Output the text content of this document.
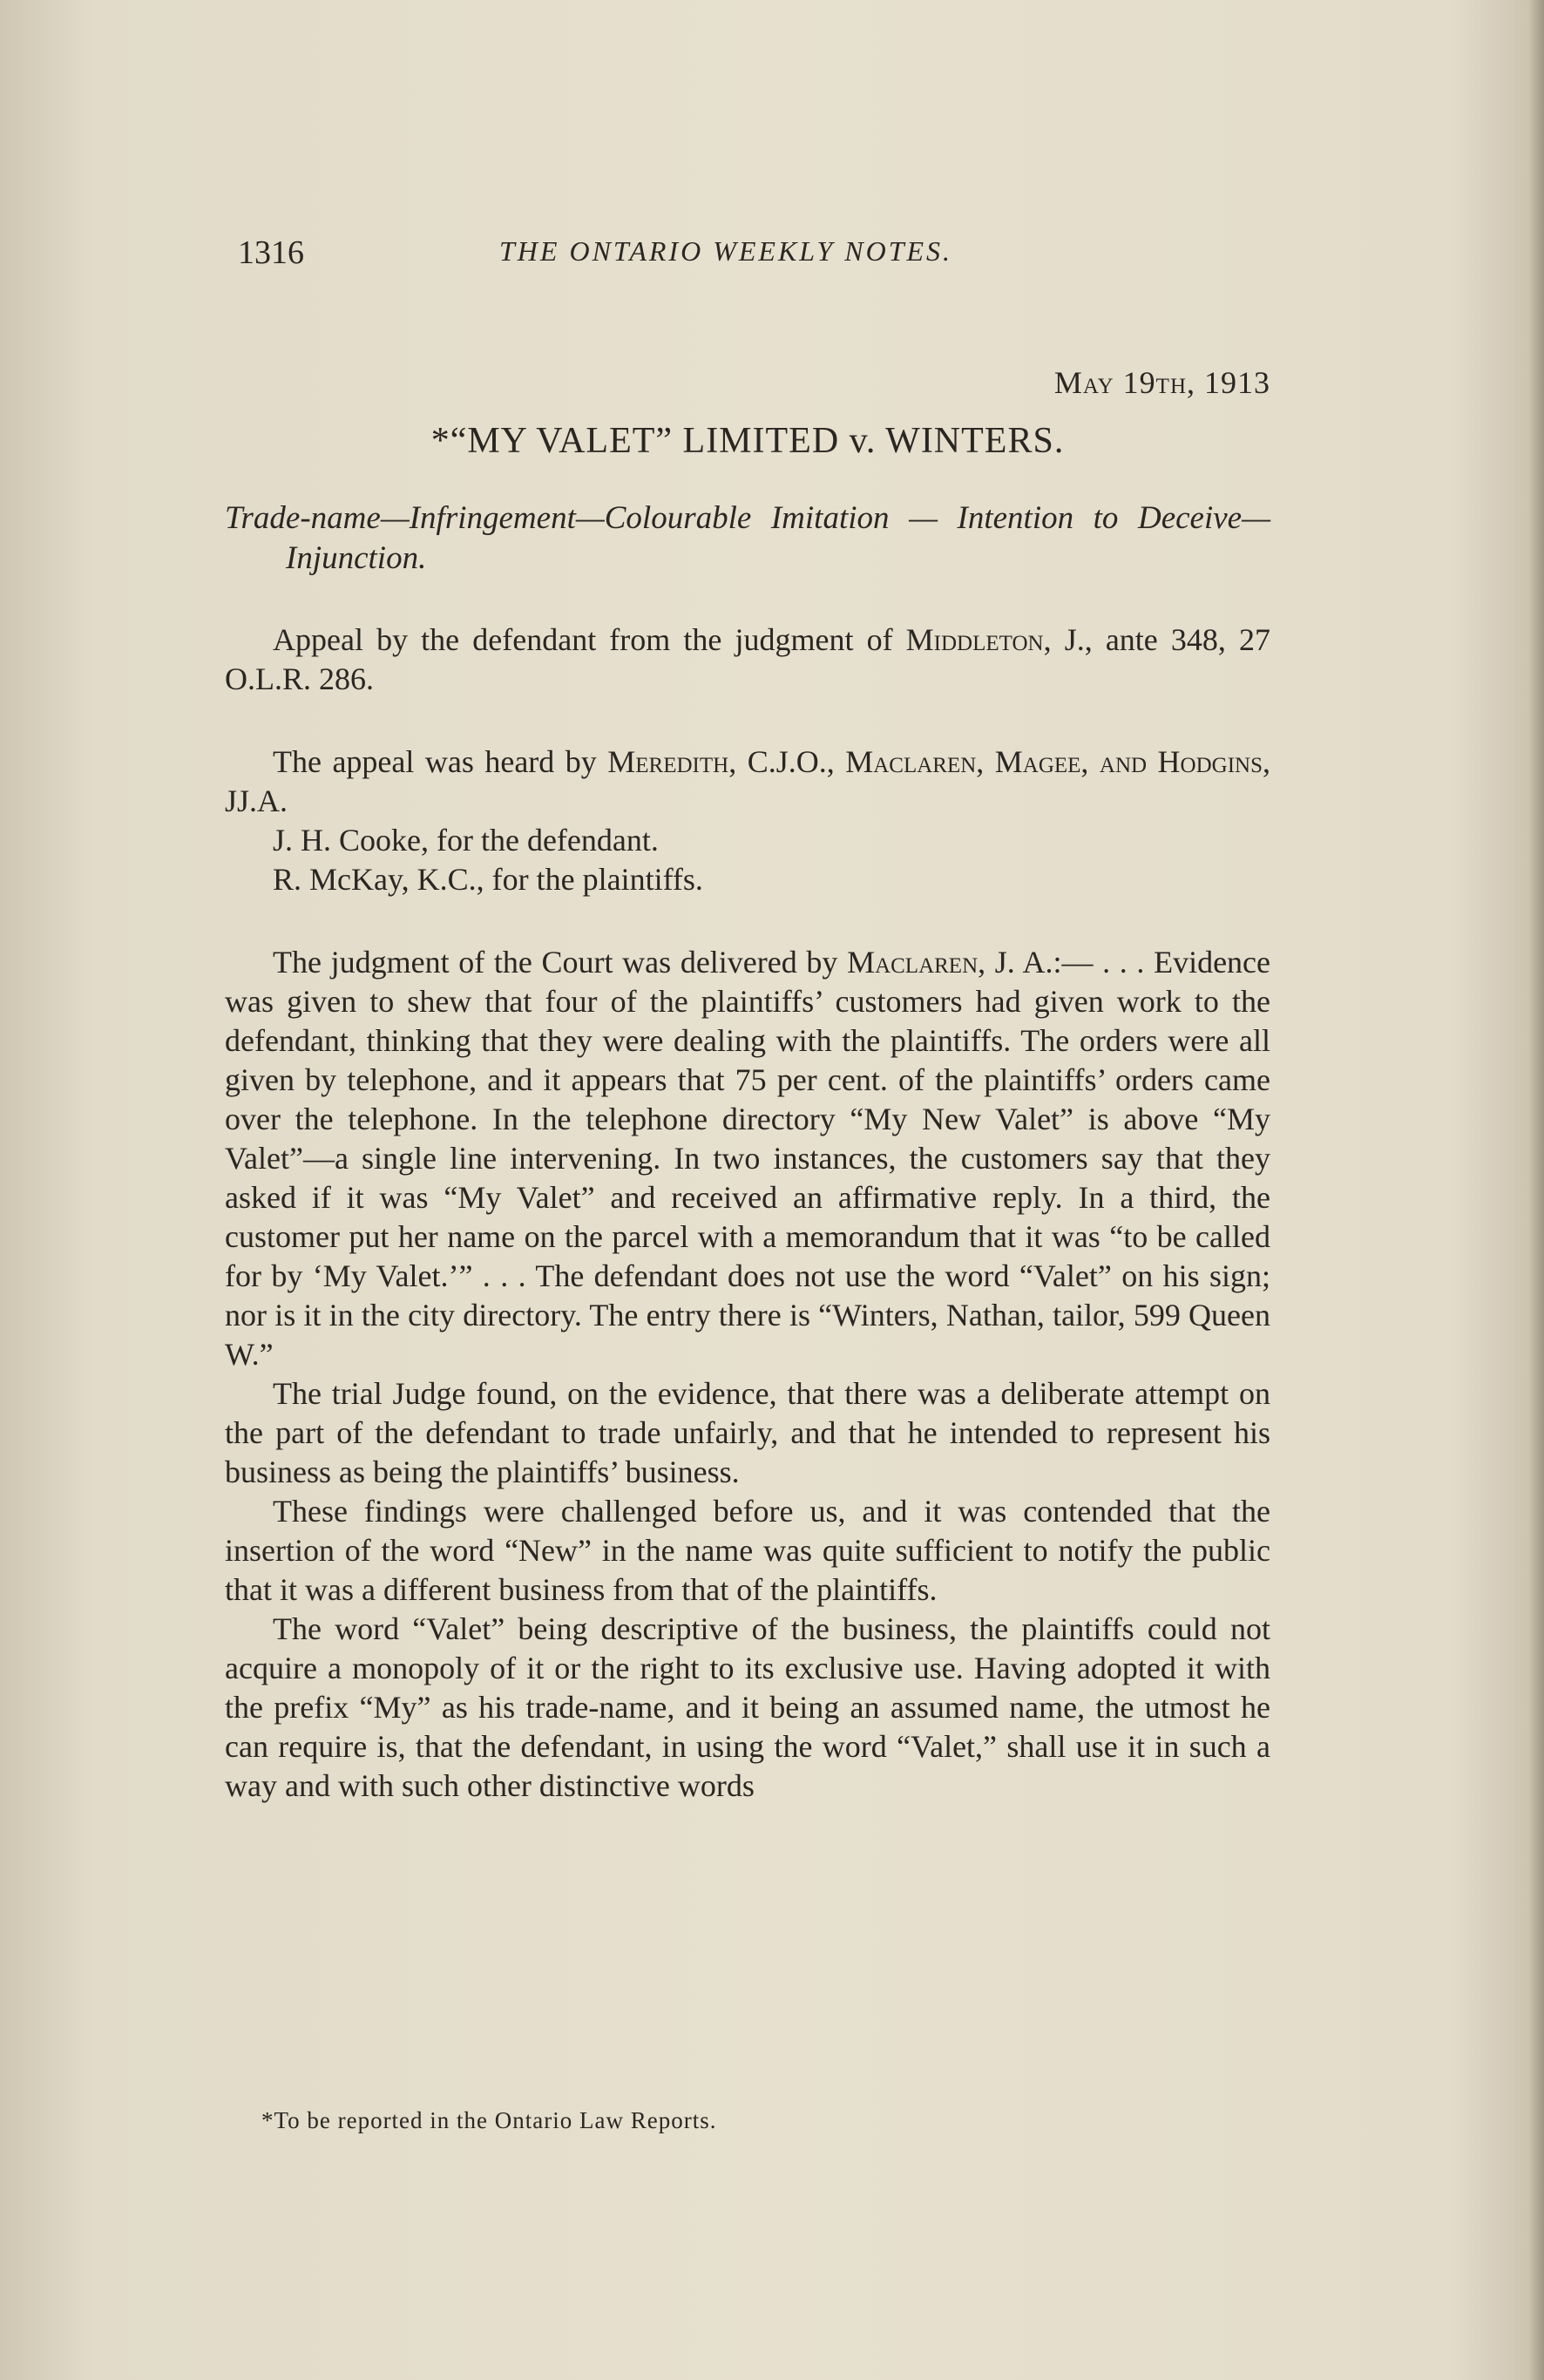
1316	THE ONTARIO WEEKLY NOTES.
May 19th, 1913
*“MY VALET” LIMITED v. WINTERS.
Trade-name—Infringement—Colourable Imitation — Intention to Deceive—Injunction.

Appeal by the defendant from the judgment of Middleton, J., ante 348, 27 O.L.R. 286.

The appeal was heard by Meredith, C.J.O., Maclaren, Magee, and Hodgins, JJ.A.

J. H. Cooke, for the defendant.

R. McKay, K.C., for the plaintiffs.

The judgment of the Court was delivered by Maclaren, J. A.:— . . . Evidence was given to shew that four of the plaintiffs’ customers had given work to the defendant, thinking that they were dealing with the plaintiffs. The orders were all given by telephone, and it appears that 75 per cent. of the plaintiffs’ orders came over the telephone. In the telephone directory “My New Valet” is above “My Valet”—a single line intervening. In two instances, the customers say that they asked if it was “My Valet” and received an affirmative reply. In a third, the customer put her name on the parcel with a memorandum that it was “to be called for by ‘My Valet.’” . . . The defendant does not use the word “Valet” on his sign; nor is it in the city directory. The entry there is “Winters, Nathan, tailor, 599 Queen W.”

The trial Judge found, on the evidence, that there was a deliberate attempt on the part of the defendant to trade unfairly, and that he intended to represent his business as being the plaintiffs’ business.

These findings were challenged before us, and it was contended that the insertion of the word “New” in the name was quite sufficient to notify the public that it was a different business from that of the plaintiffs.

The word “Valet” being descriptive of the business, the plaintiffs could not acquire a monopoly of it or the right to its exclusive use. Having adopted it with the prefix “My” as his trade-name, and it being an assumed name, the utmost he can require is, that the defendant, in using the word “Valet,” shall use it in such a way and with such other distinctive words

*To be reported in the Ontario Law Reports.
